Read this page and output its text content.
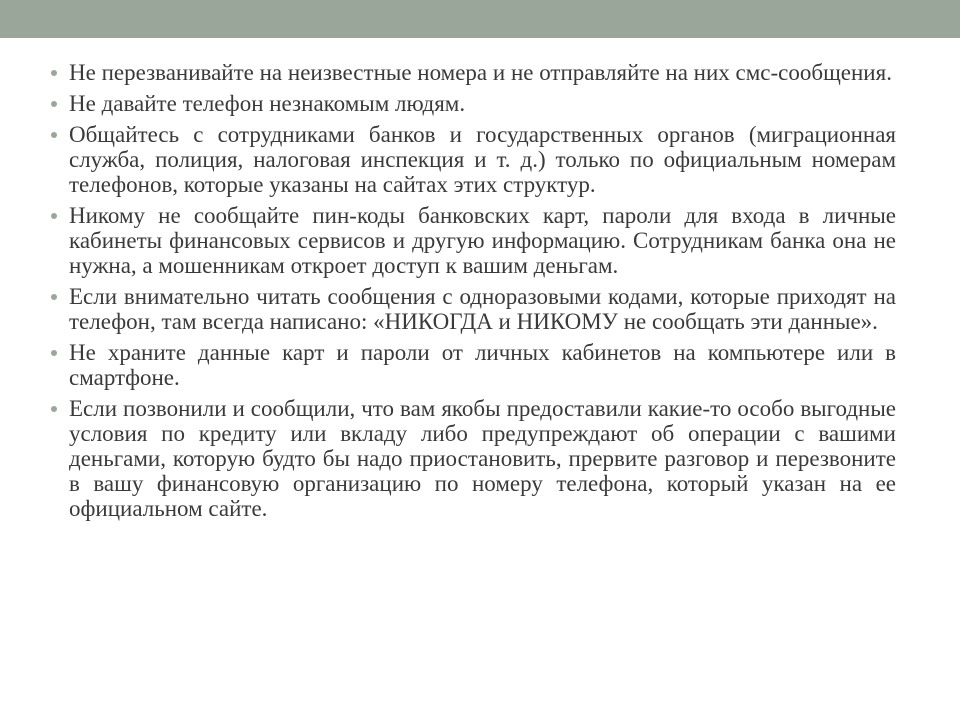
Не перезванивайте на неизвестные номера и не отправляйте на них смс-сообщения.
Не давайте телефон незнакомым людям.
Общайтесь с сотрудниками банков и государственных органов (миграционная служба, полиция, налоговая инспекция и т. д.) только по официальным номерам телефонов, которые указаны на сайтах этих структур.
Никому не сообщайте пин-коды банковских карт, пароли для входа в личные кабинеты финансовых сервисов и другую информацию. Сотрудникам банка она не нужна, а мошенникам откроет доступ к вашим деньгам.
Если внимательно читать сообщения с одноразовыми кодами, которые приходят на телефон, там всегда написано: «НИКОГДА и НИКОМУ не сообщать эти данные».
Не храните данные карт и пароли от личных кабинетов на компьютере или в смартфоне.
Если позвонили и сообщили, что вам якобы предоставили какие-то особо выгодные условия по кредиту или вкладу либо предупреждают об операции с вашими деньгами, которую будто бы надо приостановить, прервите разговор и перезвоните в вашу финансовую организацию по номеру телефона, который указан на ее официальном сайте.
